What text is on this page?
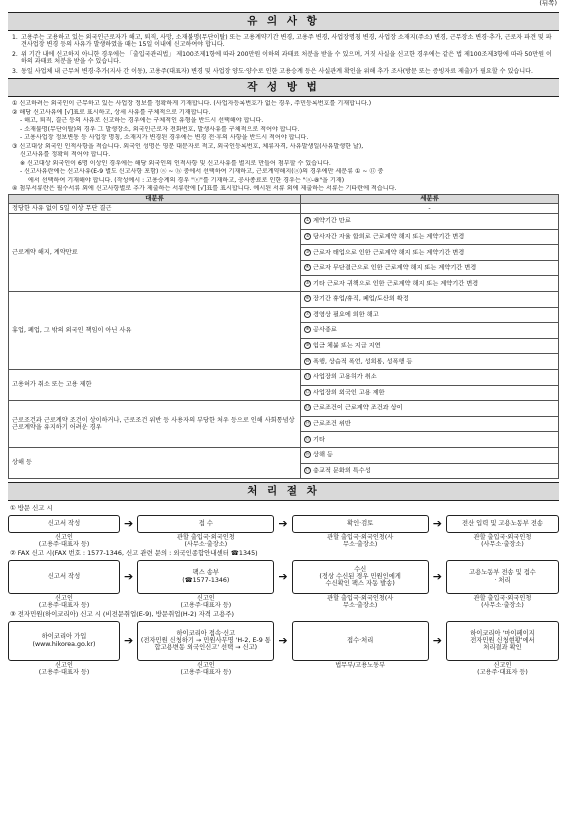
(뒤쪽)
유 의 사 항
1. 고용주는 고용하고 있는 외국인근로자가 해고, 퇴직, 사망, 소재불명(무단이탈) 또는 고용계약기간 변경, 고용주 변경, 사업장명칭 변경, 사업장 소재지(주소) 변경, 근무장소 변경·추가, 근로자 파견 및 파견사업장 변경 등의 사유가 발생하였을 때는 15일 이내에 신고하여야 합니다.
2. 위 기간 내에 신고하지 아니한 경우에는 「출입국관리법」 제100조제1항에 따라 200만원 이하의 과태료 처분을 받을 수 있으며, 거짓 사실을 신고한 경우에는 같은 법 제100조제3항에 따라 50만원 이하의 과태료 처분을 받을 수 있습니다.
3. 동일 사업체 내 근무처 변경·추가(지사 간 이동), 고용주(대표자) 변경 및 사업장 양도·양수로 인한 고용승계 등은 사실관계 확인을 위해 추가 조사(방문 또는 증빙자료 제출)가 필요할 수 있습니다.
작 성 방 법
① 신고하려는 외국인이 근무하고 있는 사업장 정보를 정확하게 기재합니다. (사업자등록번호가 없는 경우, 주민등록번호를 기재합니다.)
② 해당 신고사유에 [√]표로 표시하고, 상세 사유를 구체적으로 기재합니다.
- 해고, 퇴직, 결근 등의 사유로 신고하는 경우에는 구체적인 유형을 반드시 선택해야 합니다.
- 소재불명(무단이탈)의 경우 그 발생장소, 외국인근로자 전화번호, 발생사유를 구체적으로 적어야 합니다.
- 고용사업장 정보변동 등 사업장 명칭, 소재지가 변경된 경우에는 변경 전·후의 사항을 반드시 적어야 합니다.
③ 신고대상 외국인 인적사항을 적습니다. 외국인 성명은 영문 대문자로 적고, 외국인등록번호, 체류자격, 사유발생일(사유발생한 날),
신고사유를 정확히 적어야 합니다.
※ 신고대상 외국인이 6명 이상인 경우에는 해당 외국인의 인적사항 및 신고사유를 별지로 만들어 첨부할 수 있습니다.
- 신고사유란에는 신고사유(E-9 별도 신고사항 포함) ⓐ ~ ⓗ 중에서 선택하여 기재하고, 근로계약해지(ⓐ)의 경우에만 세분류 ① ~ ⑰ 중
에서 선택하여 기재해야 합니다. (작성예시 : 고용승계의 경우 "ⓔ"를 기재하고, 공사종료로 인한 경우는 "ⓐ-⑧"을 기재)
④ 첨부서류란은 필수서류 외에 신고사항별로 추가 제출하는 서류란에 [√]표를 표시합니다. 예시된 서류 외에 제출하는 서류는 기타란에 적습니다.
대분류	세분류
정당한 사유 없이 5일 이상 무단 결근	-
근로계약 해지, 계약만료	① 계약기간 만료
	② 당사자간 자율 합의로 근로계약 해지 또는 계약기간 변경
	③ 근로자 태업으로 인한 근로계약 해지 또는 계약기간 변경
	④ 근로자 무단결근으로 인한 근로계약 해지 또는 계약기간 변경
	⑤ 기타 근로자 귀책으로 인한 근로계약 해지 또는 계약기간 변경
휴업, 폐업, 그 밖의 외국인 책임이 아닌 사유	⑥ 장기간 휴업/휴직, 폐업/도산의 확정
	⑦ 경영상 필요에 의한 해고
	⑧ 공사종료
	⑨ 임금 체불 또는 지급 지연
	⑩ 폭행, 상습적 폭언, 성희롱, 성폭행 등
고용허가 취소 또는 고용 제한	⑪ 사업장의 고용허가 취소
	⑫ 사업장의 외국인 고용 제한
근로조건과 근로계약 조건이 상이하거나, 근로조건 위반 등 사용자의 부당한 처우 등으로 인해 사회통념상 근로계약을 유지하기 어려운 경우	⑬ 근로조건이 근로계약 조건과 상이
	⑭ 근로조건 위반
	⑮ 기타
상해 등	⑯ 상해 등
	⑰ 충교적 문화의 특수성
처 리 절 차
① 방문 신고 시
신고서 작성
신고인
(고용주·대표자 등)
➔	접 수
관할 출입국·외국인청
(사무소·출장소)
➔	확인·검토
관할 출입국·외국인청(사
무소·출장소)
➔	전산 입력 및 고용노동부 전송
관할 출입국·외국인청
(사무소·출장소)
② FAX 신고 시(FAX 번호 : 1577-1346, 신고 관련 문의 : 외국인종합안내센터 ☎1345)
신고서 작성
신고인
(고용주·대표자 등)
➔	팩스 송부
(☎1577-1346)
신고인
(고용주·대표자 등)
➔
수신
(정상 수신된 경우 민원인에게
수신확인 팩스 자동 발송)
관할 출입국·외국인청(사
무소·출장소)
➔	고용노동부 전송 및 접수
· 처리
관할 출입국·외국인청
(사무소·출장소)
③ 전자민원(하이코리아) 신고 시 (비전문취업(E-9), 방문취업(H-2) 자격 고용주)
하이코리아 가입
(www.hikorea.go.kr)
신고인
(고용주·대표자 등)
➔
하이코리아 접속·신고
(전자민원 신청하기 → 민원사무명 'H-2, E-9 통합고용변동 외국인신고' 선택 → 신고)
신고인
(고용주·대표자 등)
➔	접수·처리
법무부/고용노동부
➔
하이코리아 '마이페이지
전자민원 신청현황'에서
처리결과 확인
신고인
(고용주·대표자 등)
